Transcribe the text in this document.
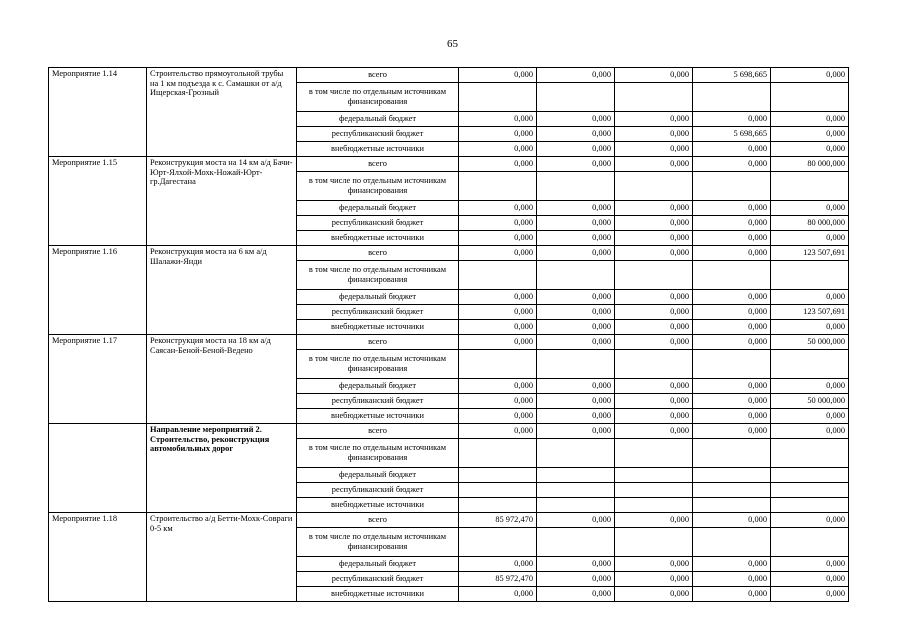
65
Мероприятие 1.14	Строительство прямоугольной трубы на 1 км подъезда к с. Самашки от а/д Ищерская-Грозный	всего	0,000	0,000	0,000	5 698,665	0,000
		в том числе по отдельным источникам финансирования					
		федеральный бюджет	0,000	0,000	0,000	0,000	0,000
		республиканский бюджет	0,000	0,000	0,000	5 698,665	0,000
		внебюджетные источники	0,000	0,000	0,000	0,000	0,000
Мероприятие 1.15	Реконструкция моста на 14 км а/д Бачи-Юрт-Ялхой-Мохк-Ножай-Юрт-гр.Дагестана	всего	0,000	0,000	0,000	0,000	80 000,000
		в том числе по отдельным источникам финансирования					
		федеральный бюджет	0,000	0,000	0,000	0,000	0,000
		республиканский бюджет	0,000	0,000	0,000	0,000	80 000,000
		внебюджетные источники	0,000	0,000	0,000	0,000	0,000
Мероприятие 1.16	Реконструкция моста на 6 км а/д Шалажи-Янди	всего	0,000	0,000	0,000	0,000	123 507,691
		в том числе по отдельным источникам финансирования					
		федеральный бюджет	0,000	0,000	0,000	0,000	0,000
		республиканский бюджет	0,000	0,000	0,000	0,000	123 507,691
		внебюджетные источники	0,000	0,000	0,000	0,000	0,000
Мероприятие 1.17	Реконструкция моста на 18 км а/д Саясан-Беной-Беной-Ведено	всего	0,000	0,000	0,000	0,000	50 000,000
		в том числе по отдельным источникам финансирования					
		федеральный бюджет	0,000	0,000	0,000	0,000	0,000
		республиканский бюджет	0,000	0,000	0,000	0,000	50 000,000
		внебюджетные источники	0,000	0,000	0,000	0,000	0,000
	Направление мероприятий 2. Строительство, реконструкция автомобильных дорог	всего	0,000	0,000	0,000	0,000	0,000
		в том числе по отдельным источникам финансирования					
		федеральный бюджет					
		республиканский бюджет					
		внебюджетные источники					
Мероприятие 1.18	Строительство а/д Бетти-Мохк-Совраги 0-5 км	всего	85 972,470	0,000	0,000	0,000	0,000
		в том числе по отдельным источникам финансирования					
		федеральный бюджет	0,000	0,000	0,000	0,000	0,000
		республиканский бюджет	85 972,470	0,000	0,000	0,000	0,000
		внебюджетные источники	0,000	0,000	0,000	0,000	0,000
